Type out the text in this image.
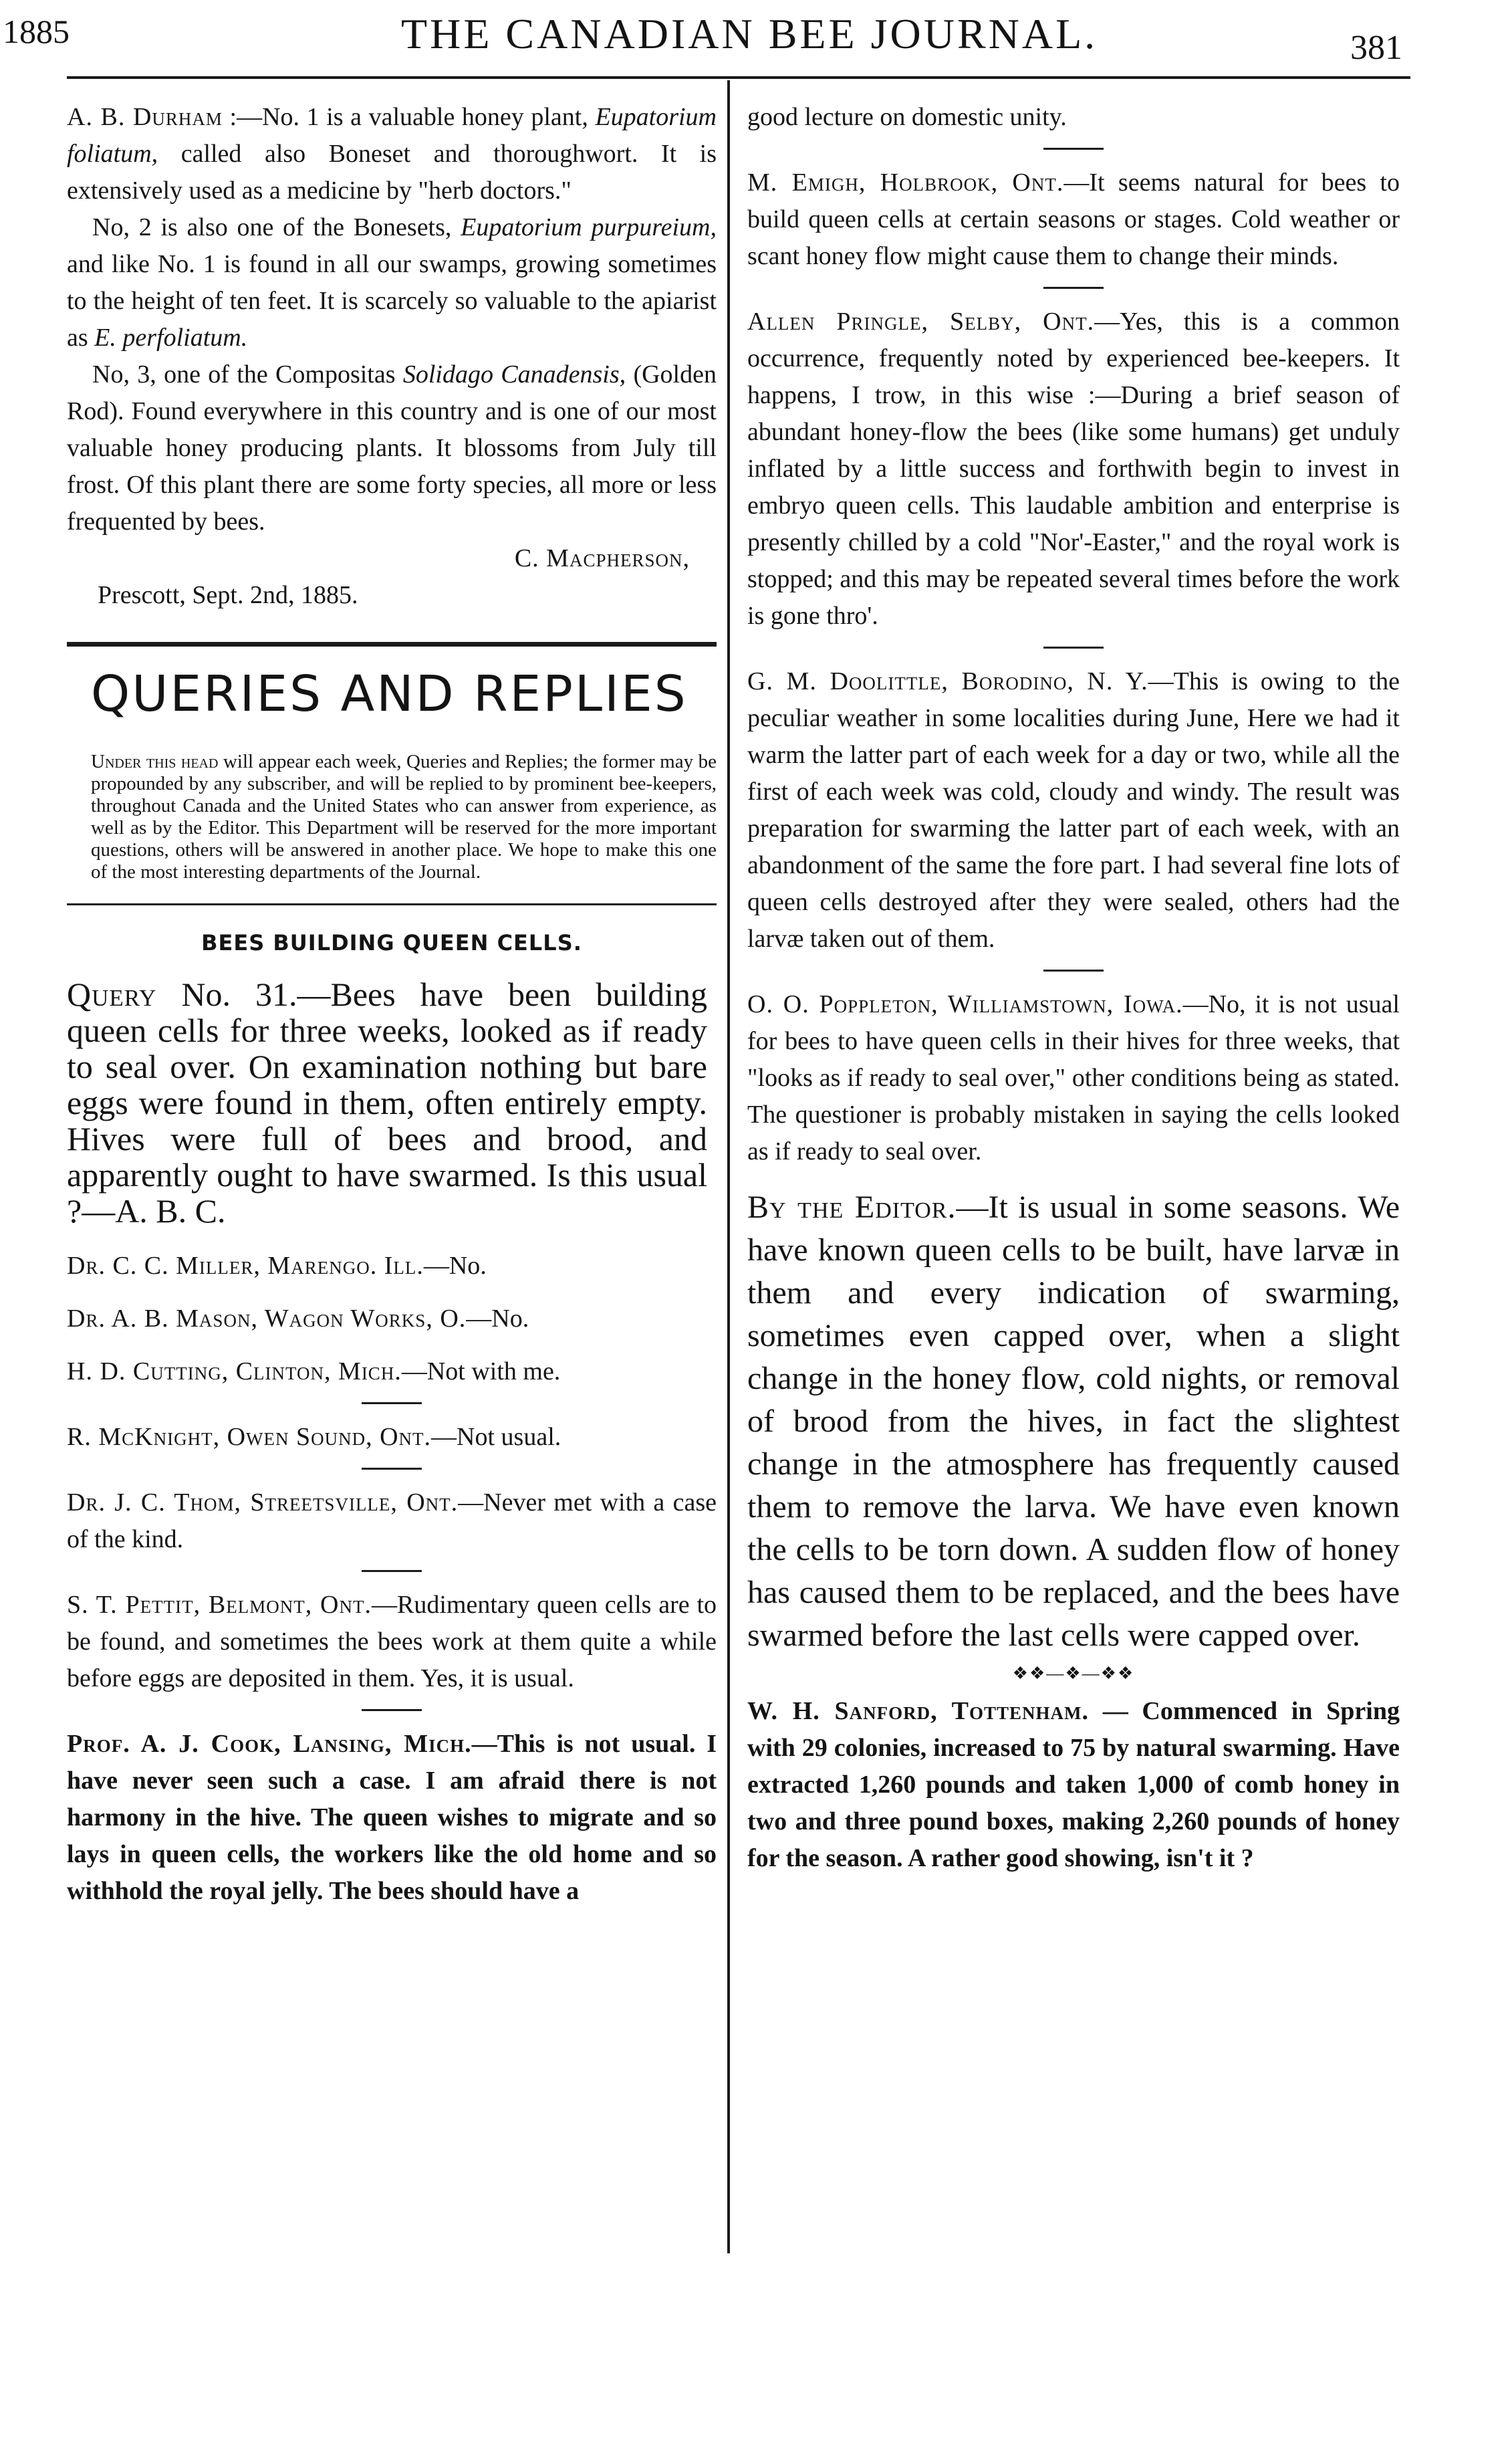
1885	THE CANADIAN BEE JOURNAL.	381

A. B. Durham :—No. 1 is a valuable honey plant, Eupatorium foliatum, called also Boneset and thoroughwort. It is extensively used as a medicine by "herb doctors."

No, 2 is also one of the Bonesets, Eupatorium purpureium, and like No. 1 is found in all our swamps, growing sometimes to the height of ten feet. It is scarcely so valuable to the apiarist as E. perfoliatum.

No, 3, one of the Compositas Solidago Canadensis, (Golden Rod). Found everywhere in this country and is one of our most valuable honey producing plants. It blossoms from July till frost. Of this plant there are some forty species, all more or less frequented by bees.

C. Macpherson,
Prescott, Sept. 2nd, 1885.
QUERIES AND REPLIES

Under this head will appear each week, Queries and Replies; the former may be propounded by any subscriber, and will be replied to by prominent bee-keepers, throughout Canada and the United States who can answer from experience, as well as by the Editor. This Department will be reserved for the more important questions, others will be answered in another place. We hope to make this one of the most interesting departments of the Journal.

BEES BUILDING QUEEN CELLS.

Query No. 31.—Bees have been building queen cells for three weeks, looked as if ready to seal over. On examination nothing but bare eggs were found in them, often entirely empty. Hives were full of bees and brood, and apparently ought to have swarmed. Is this usual ?—A. B. C.

Dr. C. C. Miller, Marengo. Ill.—No.

Dr. A. B. Mason, Wagon Works, O.—No.

H. D. Cutting, Clinton, Mich.—Not with me.

R. McKnight, Owen Sound, Ont.—Not usual.

Dr. J. C. Thom, Streetsville, Ont.—Never met with a case of the kind.

S. T. Pettit, Belmont, Ont.—Rudimentary queen cells are to be found, and sometimes the bees work at them quite a while before eggs are deposited in them. Yes, it is usual.

Prof. A. J. Cook, Lansing, Mich.—This is not usual. I have never seen such a case. I am afraid there is not harmony in the hive. The queen wishes to migrate and so lays in queen cells, the workers like the old home and so withhold the royal jelly. The bees should have a

good lecture on domestic unity.

M. Emigh, Holbrook, Ont.—It seems natural for bees to build queen cells at certain seasons or stages. Cold weather or scant honey flow might cause them to change their minds.

Allen Pringle, Selby, Ont.—Yes, this is a common occurrence, frequently noted by experienced bee-keepers. It happens, I trow, in this wise :—During a brief season of abundant honey-flow the bees (like some humans) get unduly inflated by a little success and forthwith begin to invest in embryo queen cells. This laudable ambition and enterprise is presently chilled by a cold "Nor'-Easter," and the royal work is stopped; and this may be repeated several times before the work is gone thro'.

G. M. Doolittle, Borodino, N. Y.—This is owing to the peculiar weather in some localities during June, Here we had it warm the latter part of each week for a day or two, while all the first of each week was cold, cloudy and windy. The result was preparation for swarming the latter part of each week, with an abandonment of the same the fore part. I had several fine lots of queen cells destroyed after they were sealed, others had the larvæ taken out of them.

O. O. Poppleton, Williamstown, Iowa.—No, it is not usual for bees to have queen cells in their hives for three weeks, that "looks as if ready to seal over," other conditions being as stated. The questioner is probably mistaken in saying the cells looked as if ready to seal over.

By the Editor.—It is usual in some seasons. We have known queen cells to be built, have larvæ in them and every indication of swarming, sometimes even capped over, when a slight change in the honey flow, cold nights, or removal of brood from the hives, in fact the slightest change in the atmosphere has frequently caused them to remove the larva. We have even known the cells to be torn down. A sudden flow of honey has caused them to be replaced, and the bees have swarmed before the last cells were capped over.

❖❖—❖—❖❖

W. H. Sanford, Tottenham. — Commenced in Spring with 29 colonies, increased to 75 by natural swarming. Have extracted 1,260 pounds and taken 1,000 of comb honey in two and three pound boxes, making 2,260 pounds of honey for the season. A rather good showing, isn't it ?
